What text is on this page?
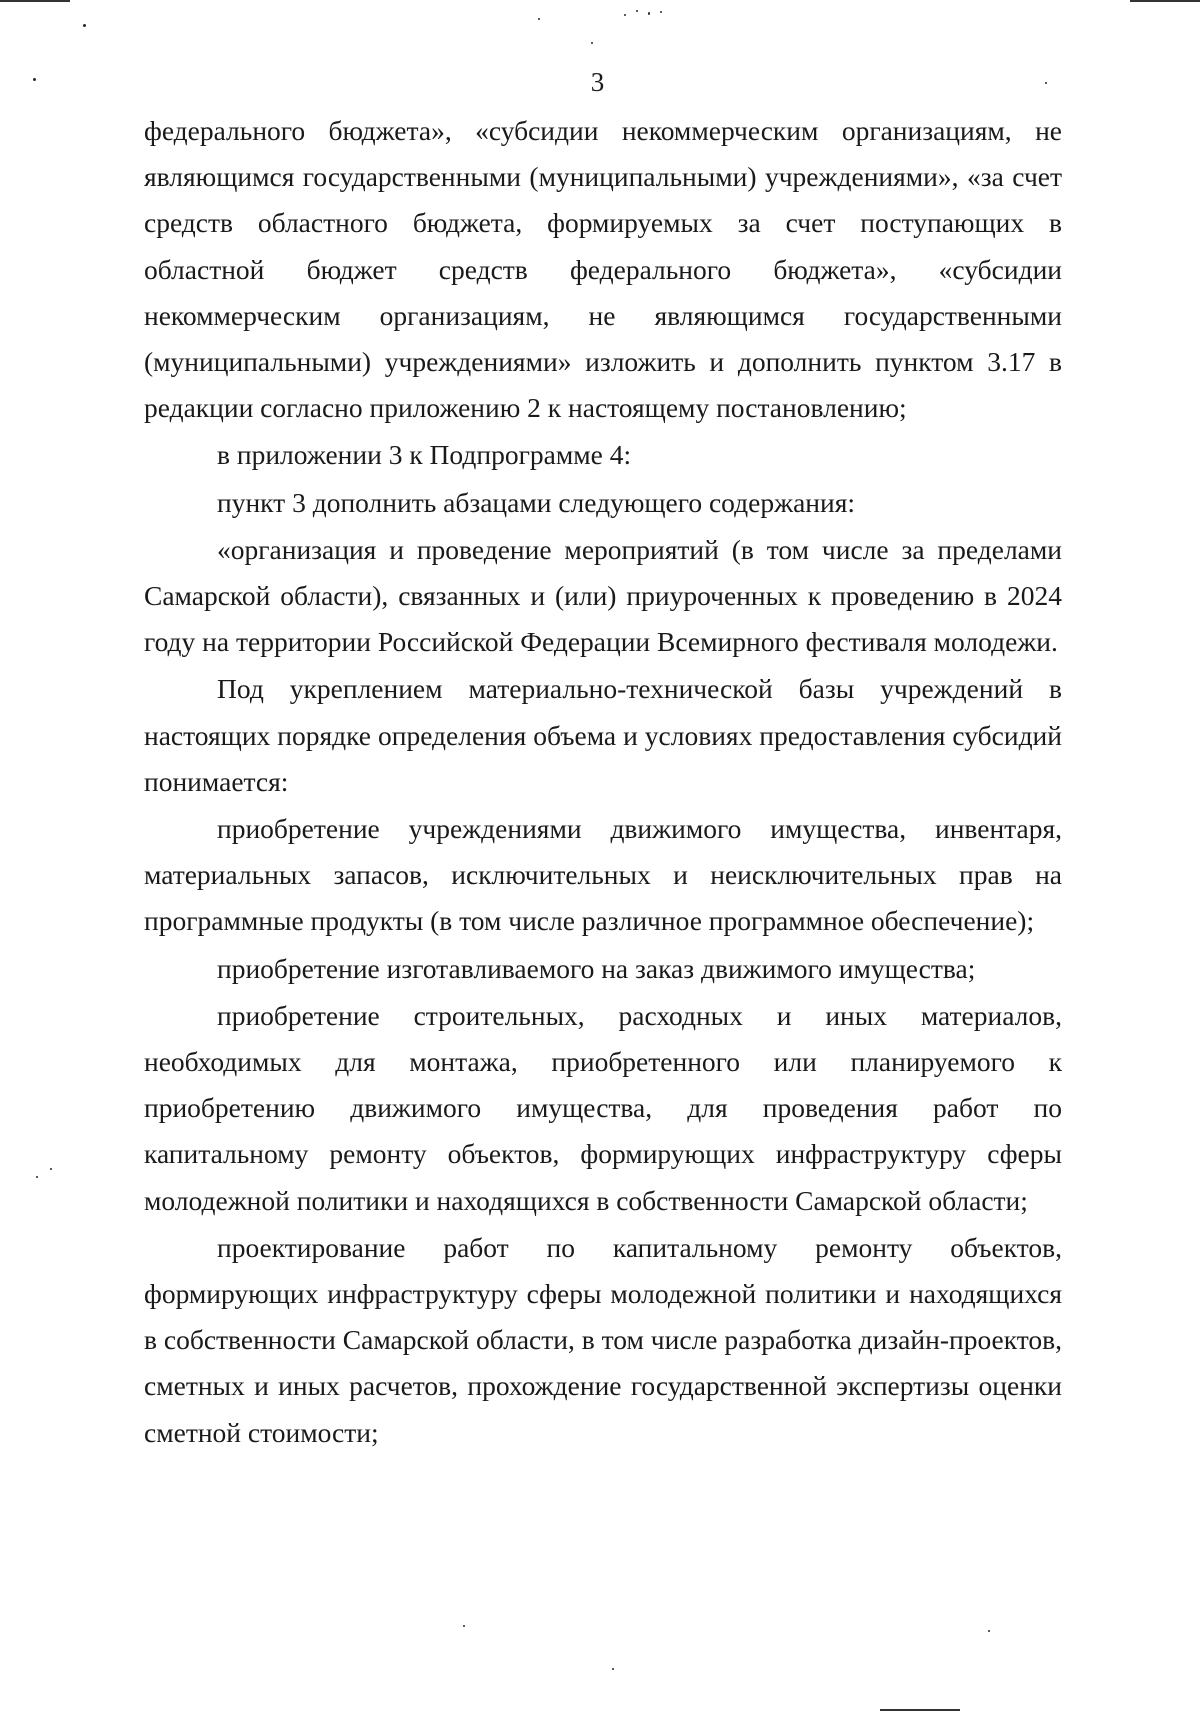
3

федерального бюджета», «субсидии некоммерческим организациям, не являющимся государственными (муниципальными) учреждениями», «за счет средств областного бюджета, формируемых за счет поступающих в областной бюджет средств федерального бюджета», «субсидии некоммерческим организациям, не являющимся государственными (муниципальными) учреждениями» изложить и дополнить пунктом 3.17 в редакции согласно приложению 2 к настоящему постановлению;

в приложении 3 к Подпрограмме 4:

пункт 3 дополнить абзацами следующего содержания:

«организация и проведение мероприятий (в том числе за пределами Самарской области), связанных и (или) приуроченных к проведению в 2024 году на территории Российской Федерации Всемирного фестиваля молодежи.

Под укреплением материально-технической базы учреждений в настоящих порядке определения объема и условиях предоставления субсидий понимается:

приобретение учреждениями движимого имущества, инвентаря, материальных запасов, исключительных и неисключительных прав на программные продукты (в том числе различное программное обеспечение);

приобретение изготавливаемого на заказ движимого имущества;

приобретение строительных, расходных и иных материалов, необходимых для монтажа, приобретенного или планируемого к приобретению движимого имущества, для проведения работ по капитальному ремонту объектов, формирующих инфраструктуру сферы молодежной политики и находящихся в собственности Самарской области;

проектирование работ по капитальному ремонту объектов, формирующих инфраструктуру сферы молодежной политики и находящихся в собственности Самарской области, в том числе разработка дизайн-проектов, сметных и иных расчетов, прохождение государственной экспертизы оценки сметной стоимости;
